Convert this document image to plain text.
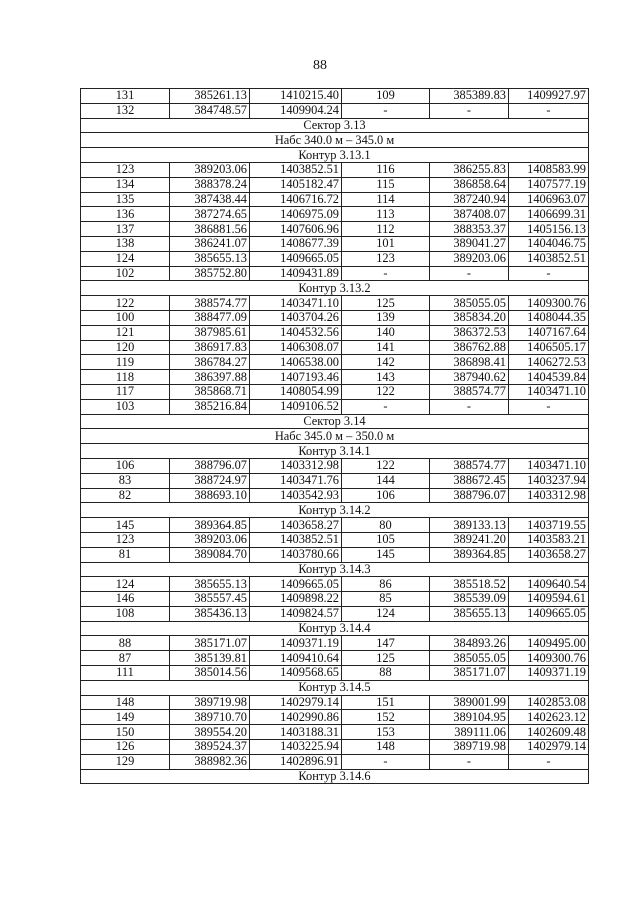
88
131	385261.13	1410215.40	109	385389.83	1409927.97
132	384748.57	1409904.24	-	-	-
Сектор 3.13					
Набс 340.0 м – 345.0 м					
Контур 3.13.1					
123	389203.06	1403852.51	116	386255.83	1408583.99
134	388378.24	1405182.47	115	386858.64	1407577.19
135	387438.44	1406716.72	114	387240.94	1406963.07
136	387274.65	1406975.09	113	387408.07	1406699.31
137	386881.56	1407606.96	112	388353.37	1405156.13
138	386241.07	1408677.39	101	389041.27	1404046.75
124	385655.13	1409665.05	123	389203.06	1403852.51
102	385752.80	1409431.89	-	-	-
Контур 3.13.2					
122	388574.77	1403471.10	125	385055.05	1409300.76
100	388477.09	1403704.26	139	385834.20	1408044.35
121	387985.61	1404532.56	140	386372.53	1407167.64
120	386917.83	1406308.07	141	386762.88	1406505.17
119	386784.27	1406538.00	142	386898.41	1406272.53
118	386397.88	1407193.46	143	387940.62	1404539.84
117	385868.71	1408054.99	122	388574.77	1403471.10
103	385216.84	1409106.52	-	-	-
Сектор 3.14					
Набс 345.0 м – 350.0 м					
Контур 3.14.1					
106	388796.07	1403312.98	122	388574.77	1403471.10
83	388724.97	1403471.76	144	388672.45	1403237.94
82	388693.10	1403542.93	106	388796.07	1403312.98
Контур 3.14.2					
145	389364.85	1403658.27	80	389133.13	1403719.55
123	389203.06	1403852.51	105	389241.20	1403583.21
81	389084.70	1403780.66	145	389364.85	1403658.27
Контур 3.14.3					
124	385655.13	1409665.05	86	385518.52	1409640.54
146	385557.45	1409898.22	85	385539.09	1409594.61
108	385436.13	1409824.57	124	385655.13	1409665.05
Контур 3.14.4					
88	385171.07	1409371.19	147	384893.26	1409495.00
87	385139.81	1409410.64	125	385055.05	1409300.76
111	385014.56	1409568.65	88	385171.07	1409371.19
Контур 3.14.5					
148	389719.98	1402979.14	151	389001.99	1402853.08
149	389710.70	1402990.86	152	389104.95	1402623.12
150	389554.20	1403188.31	153	389111.06	1402609.48
126	389524.37	1403225.94	148	389719.98	1402979.14
129	388982.36	1402896.91	-	-	-
Контур 3.14.6					
